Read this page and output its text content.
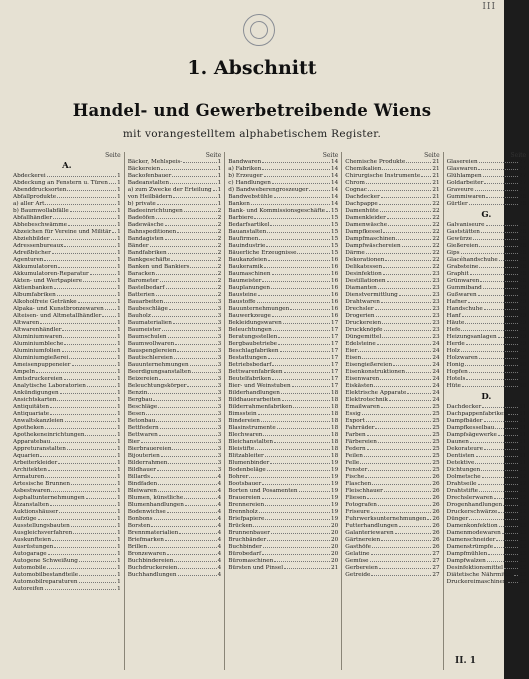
III
1. Abschnitt
Handel- und Gewerbetreibende Wiens
mit vorangestelltem alphabetischem Register.
Seite
A.
Abdeckerei	1
Abdeckung an Fenstern u. Türen 1
Abenddrucksorten	1
Abfallprodukte	1
a) aller Art	1
b) Baumwollabfälle	1
Abfallhändler	1
Abhebeschwämme	1
Abzeichen für Vereine und Militär 1
Abziehbilder	1
Adressenbureaux	1
Adreßbücher	1
Agenturen	1
Akkumulatoren	1
Akkumulatoren-Reparatur	1
Akten- und Wertpapiere	1
Aktienbanken	1
Albumfabriken	1
Alkoholfreie Getränke	1
Alpaka- und Kunstbronzewaren 1
Alteisen- und Altmetallhändler	1
Altwaren	1
Altwarenhändler	1
Aluminiumwaren	1
Aluminiumbleche	1
Aluminiumfolien	1
Aluminiumgießerei	1
Ameisenpuppeneier	1
Ampeln	1
Amtsdruckereien	1
Analytische Laboratorien	1
Ankündigungen	1
Ansichtskarten	1
Antiquitäten	1
Antiquariate	1
Anwaltskanzleien	1
Apotheken	1
Apothekeneinrichtungen	1
Apparatebau	1
Appreturanstalten	1
Aquarien	1
Arbeiterkleider	1
Architekten	1
Armaturen	1
Artesische Brunnen	1
Asbestwaren	1
Asphaltunternehmungen	1
Ätzanstalten	1
Auktionshäuser	1
Aufzüge	1
Ausstellungsbauten	1
Ausgleichsverfahren	1
Auskunfteien	1
Ausrüstungen	1
Autogarage	1
Autogene Schweißung	1
Automobile	1
Automobilbestandteile	1
Automobilreparaturen	1
Autoreifen	1
Seite
Bäcker, Mehlspeis-	1
Bäckereien	1
Backofenbauer	1
Badeanstalten	1
a) zum Zwecke der Erteilung 1
von Heilbädern	1
b) private	1
Badeeinrichtungen	2
Badeöfen	2
Badewäsche	2
Bahnspeditionen	2
Bandagisten	2
Bänder	2
Bandfabriken	2
Bankgeschäfte	2
Banken und Bankiers	2
Baracken	2
Barometer	2
Bastelbedarf	2
Batterien	2
Bauarbeiten	3
Baubeschläge	3
Bauholz	3
Baumaterialien	3
Baumeister	3
Baumschulen	3
Baumwollwaren	3
Bauspenglereien	3
Bautischlereien	3
Bauunternehmungen	3
Beerdigungsanstalten	3
Beizereien	3
Beleuchtungskörper	3
Benzin	3
Bergbau	3
Beschläge	3
Besen	3
Betonbau	3
Bettfedern	3
Bettwaren	3
Bier	3
Bierbrauereien	3
Bijouterien	3
Bilderrahmen	3
Bildhauer	3
Billards	4
Bindfaden	4
Bleiwaren	4
Blumen, künstliche	4
Blumenhandlungen	4
Bodenwichse	4
Bonbons	4
Borsten	4
Brennmaterialien	4
Briefmarken	4
Brillen	4
Bronzewaren	4
Buchbindereien	4
Buchdruckereien	4
Buchhandlungen	4
Seite
Bandwaren	14
a) Fabriken	14
b) Erzeuger	14
c) Handlungen	14
d) Bandweberengroszeuger	14
Bandwebstühle	14
Banken	14
Bank- und Kommissionsgeschäfte 15
Barbiere	15
Bedarfsartikel	15
Bauanstalten	15
Baufirmen	15
Bauindustrie	15
Bäuerliche Erzeugnisse	15
Baukanzleien	16
Baukeramik	16
Baumaschinen	16
Baumeister	16
Bauplanungen	16
Bausteine	16
Baustoffe	16
Bauunternehmungen	16
Bauwerkzeuge	16
Bekleidungswaren	17
Beleuchtungen	17
Beratungsstellen	17
Bergbaubetriebe	17
Beschlagfabriken	17
Bestattungen	17
Betriebsbedarf	17
Bettwarenfabriken	17
Beutelfabriken	17
Bier- und Weinstuben	17
Bilderhandlungen	18
Bildhauerarbeiten	18
Bilderrahmenfabriken	18
Bimsstein	18
Bindereien	18
Blasinstrumente	18
Blechwaren	18
Bleichanstalten	18
Bleistifte	18
Blitzableiter	18
Blumenbinder	19
Bodenbeläge	19
Bohrer	19
Bootsbauer	19
Borten und Posamenten	19
Brauereien	19
Brennereien	19
Brennholz	19
Briefpapiere	19
Brücken	20
Brunnenbauer	20
Bruchbänder	20
Buchbinder	20
Bürobedarf	20
Büromaschinen	20
Bürsten und Pinsel	21
Seite
Chemische Produkte	21
Chemikalien	21
Chirurgische Instrumente 21
Chrom	21
Cognac	21
Dachdecker	21
Dachpappe	22
Damenhüte	22
Damenkleider	22
Damenwäsche	22
Dampfkessel	22
Dampfmaschinen	22
Dampfwäschereien	22
Därme	22
Dekorationen	22
Delikatessen	22
Desinfektion	23
Destillationen	23
Diamanten	23
Dienstvermittlung	23
Drahtwaren	23
Drechsler	23
Drogerien	23
Druckereien	23
Druckknöpfe	23
Düngemittel	23
Edelsteine	24
Eier	24
Eisen	24
Eisengießereien	24
Eisenkonstruktionen	24
Eisenwaren	24
Eiskästen	24
Elektrische Apparate	24
Elektrotechnik	24
Emailwaren	25
Essig	25
Export	25
Fahrräder	25
Farben	25
Färbereien	25
Federn	25
Feilen	25
Felle	25
Fenster	25
Fische	26
Flaschen	26
Fleischhauer	26
Fliesen	26
Fotografen	26
Friseure	26
Fuhrwerksunternehmungen 26
Futterhandlungen	26
Galanteriewaren	26
Gärtnereien	26
Gasthöfe	26
Gelatine	27
Gemüse	27
Gerbereien	27
Getreide	27
Seite
Glasereien	27
Glaswaren	27
Glühlampen	27
Goldarbeiter	27
Graveure	27
Gummiwaren	28
Gürtler	28
G.
Galvaniseure	28
Gaststätten	28
Gewürze	28
Gießereien	28
Gips	28
Glacéhandschuhe	28
Grabsteine	28
Graphit	28
Grünwaren	28
Gummiband	29
Gußwaren	29
Hafner	29
Handschuhe	29
Hanf	29
Häute	29
Hefe	29
Heizungsanlagen	29
Herde	29
Holz	29
Holzwaren	30
Honig	30
Hopfen	30
Hotels	30
Hüte	30
D.
Dachdecker	31
Dachpappenfabriken 31
Dampfbäder	31
Dampfkesselbau	31
Dampfsägewerke	31
Daunen	31
Dekorateure	31
Dentisten	31
Detektive	31
Dichtungen	32
Dolmetsche	32
Drahtseile	32
Drahtstifte	32
Drechslerwaren	32
Drogenhandlungen	32
Druckerschwärze	32
Dünger	32
Damenkonfektion	33
Damenmodewaren	33
Damenschneider	33
Damenstrümpfe	33
Dampfmühlen	33
Dampfwalzen	33
Desinfektionsmittel	33
Diätetische Nährmittel 33
Druckereimaschinen 33
II. 1
